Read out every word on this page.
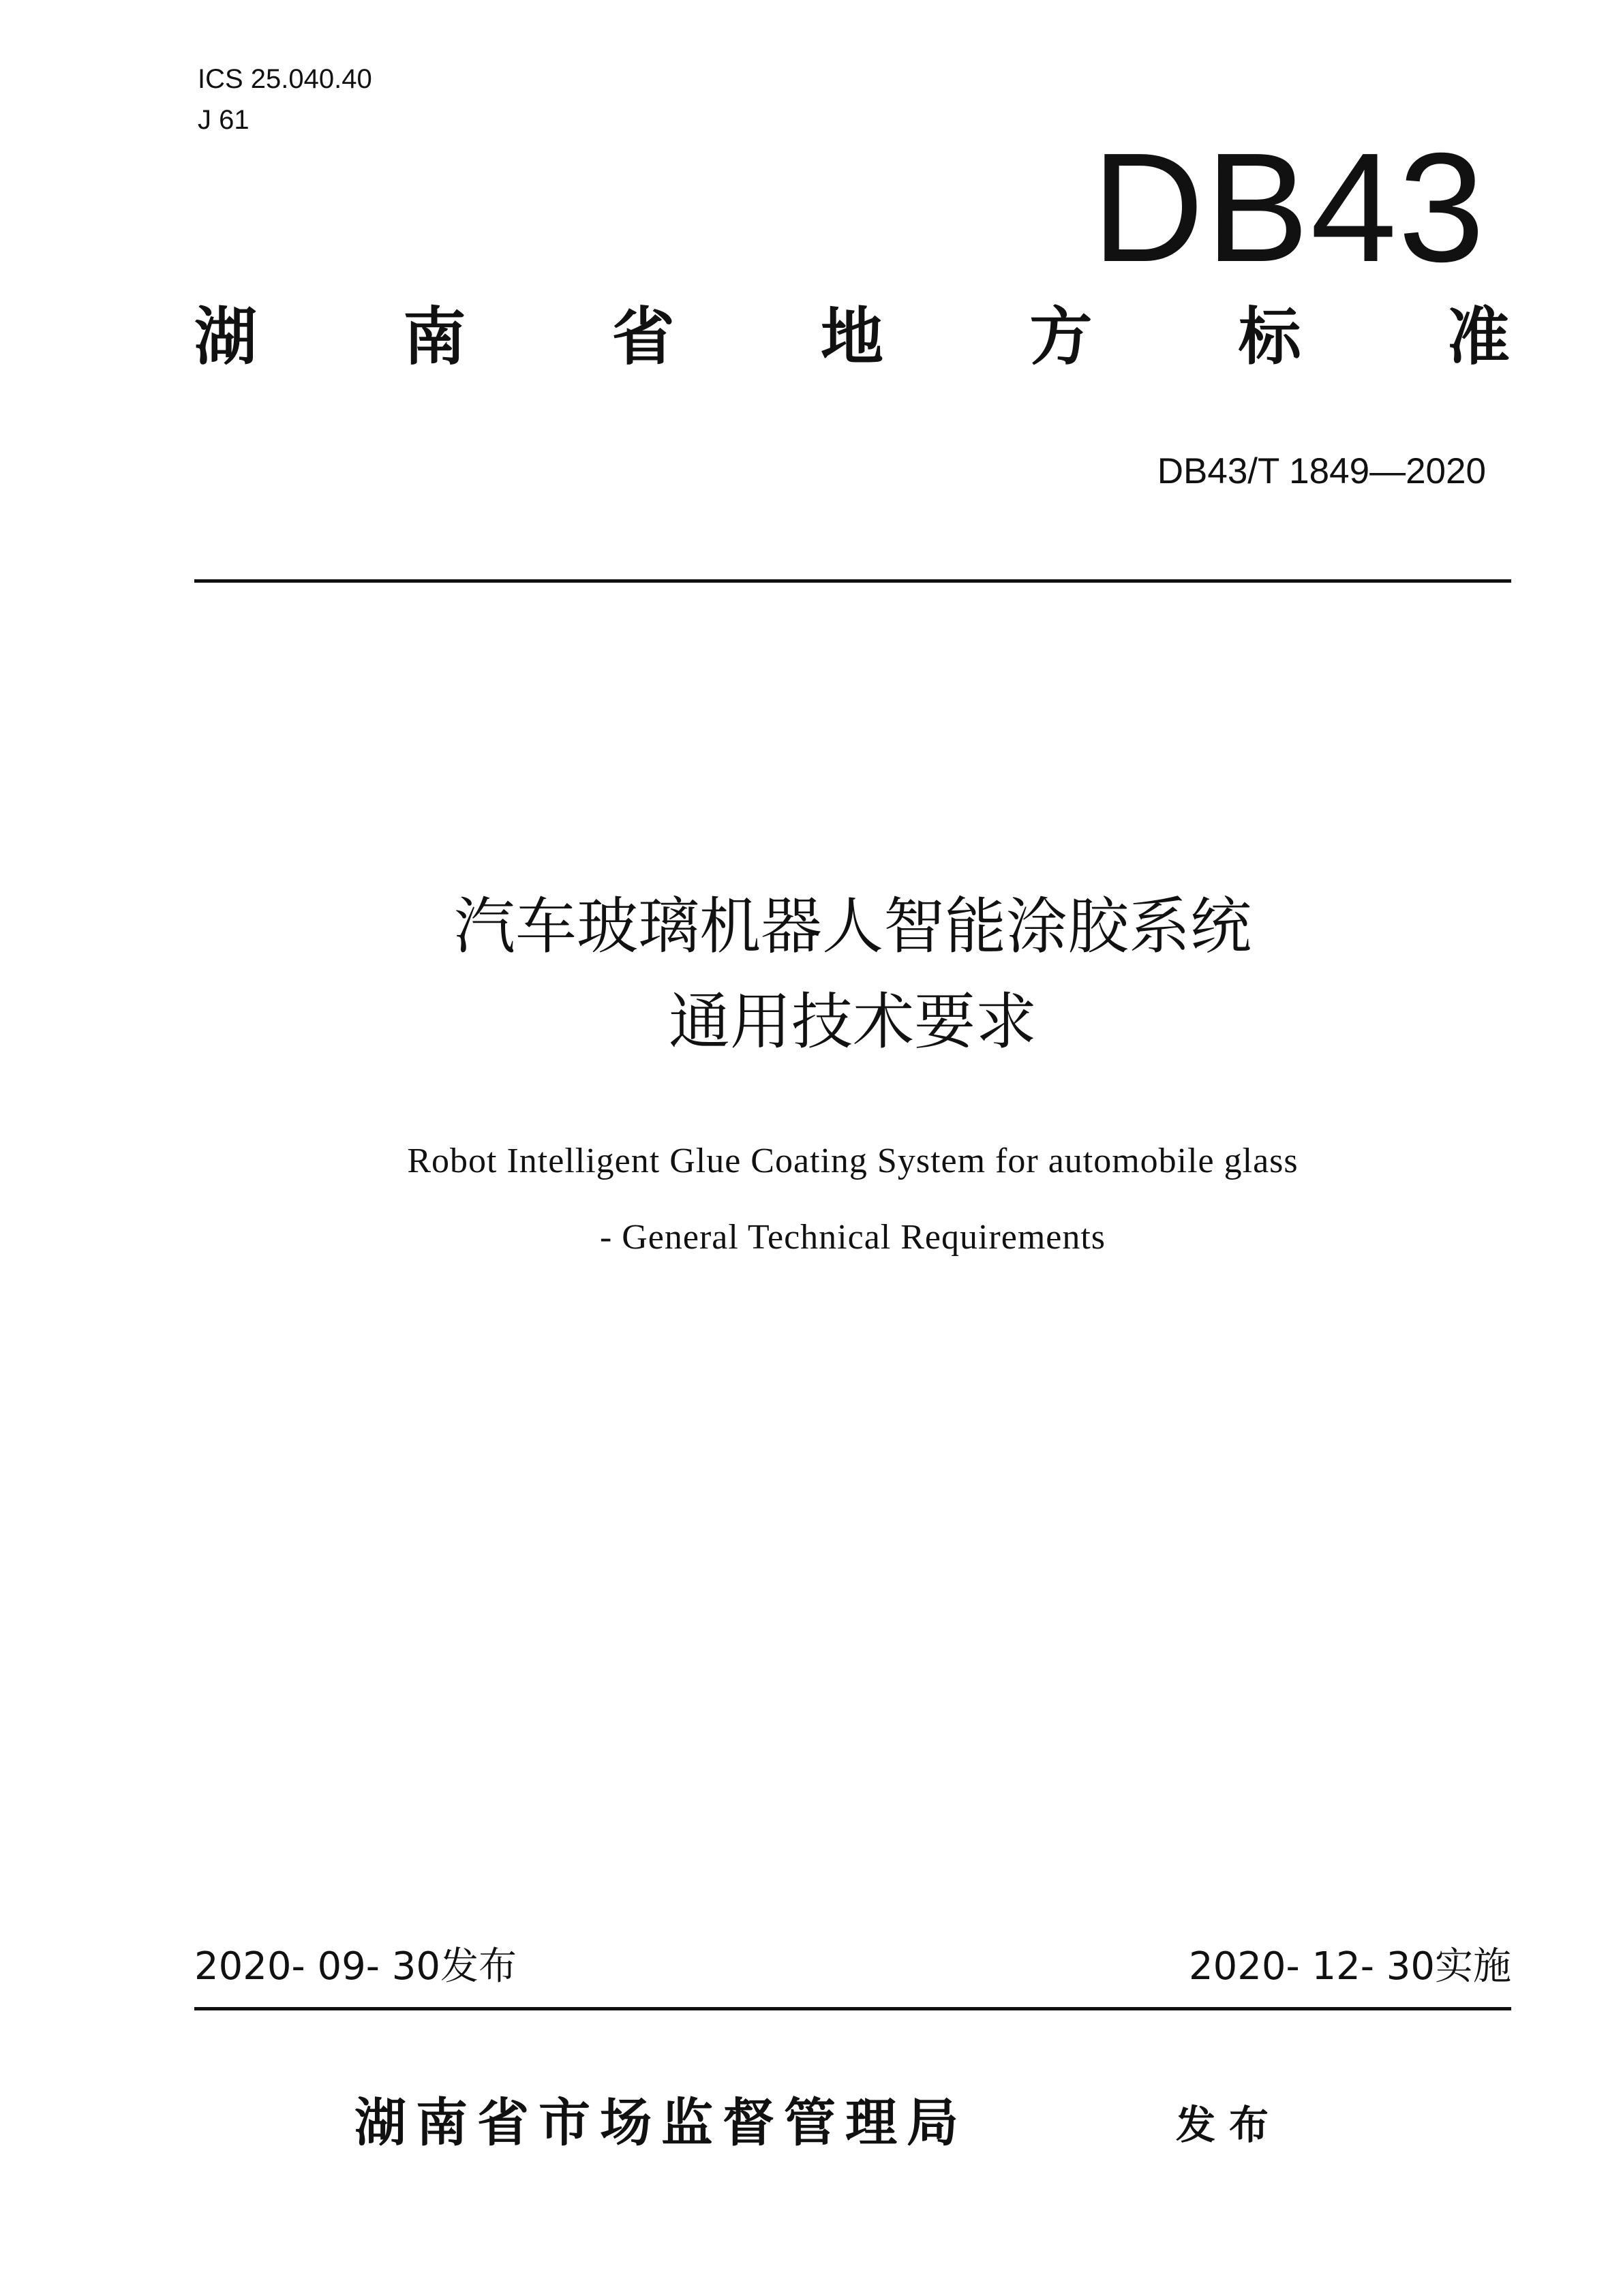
ICS 25.040.40
J 61
DB43
湖 南 省 地 方 标 准
DB43/T 1849—2020
汽车玻璃机器人智能涂胶系统
通用技术要求
Robot Intelligent Glue Coating System for automobile glass
- General Technical Requirements
2020- 09- 30发布	2020- 12- 30实施
湖南省市场监督管理局	发布
